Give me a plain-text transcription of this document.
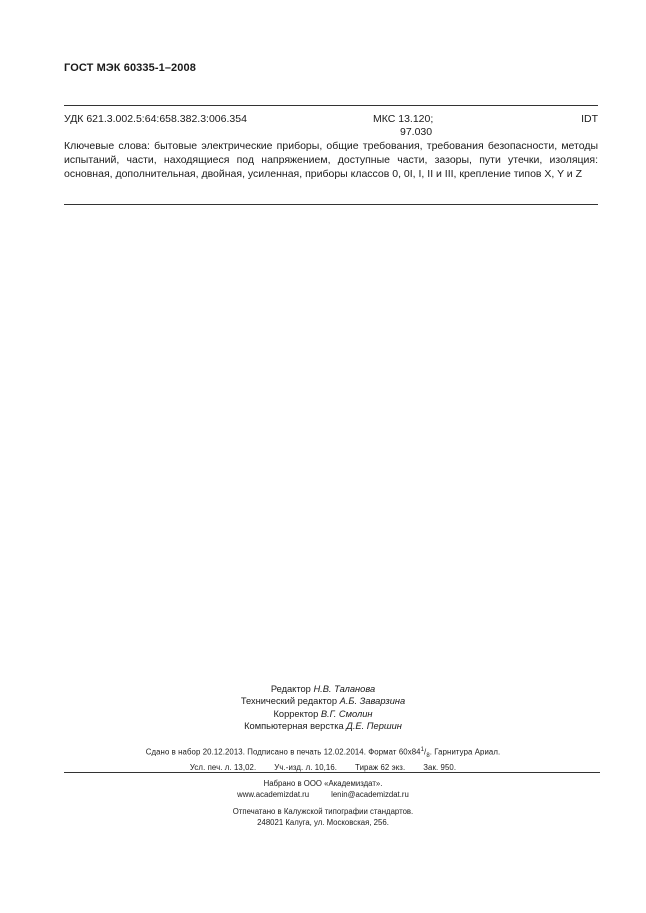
ГОСТ МЭК 60335-1–2008
УДК 621.3.002.5:64:658.382.3:006.354	МКС 13.120;
97.030
IDT
Ключевые слова: бытовые электрические приборы, общие требования, требования безопасности, методы испытаний, части, находящиеся под напряжением, доступные части, зазоры, пути утечки, изоляция: основная, дополнительная, двойная, усиленная, приборы классов 0, 0I, I, II и III, крепление типов X, Y и Z
Редактор Н.В. Таланова
Технический редактор А.Б. Заварзина
Корректор В.Г. Смолин
Компьютерная верстка Д.Е. Першин
Сдано в набор 20.12.2013. Подписано в печать 12.02.2014. Формат $60х84^1/_8$. Гарнитура Ариал.
Усл. печ. л. 13,02. Уч.-изд. л. 10,16. Тираж 62 экз. Зак. 950.
Набрано в ООО «Академиздат».
www.academizdat.ru	lenin@academizdat.ru
Отпечатано в Калужской типографии стандартов.
248021 Калуга, ул. Московская, 256.
